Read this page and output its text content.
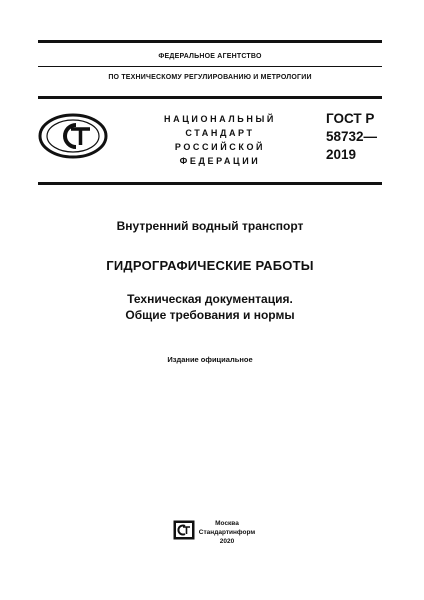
ФЕДЕРАЛЬНОЕ АГЕНТСТВО
ПО ТЕХНИЧЕСКОМУ РЕГУЛИРОВАНИЮ И МЕТРОЛОГИИ
НАЦИОНАЛЬНЫЙ
СТАНДАРТ
РОССИЙСКОЙ
ФЕДЕРАЦИИ
ГОСТ Р
58732—
2019
Внутренний водный транспорт
ГИДРОГРАФИЧЕСКИЕ РАБОТЫ
Техническая документация.
Общие требования и нормы
Издание официальное
Москва
Стандартинформ
2020
